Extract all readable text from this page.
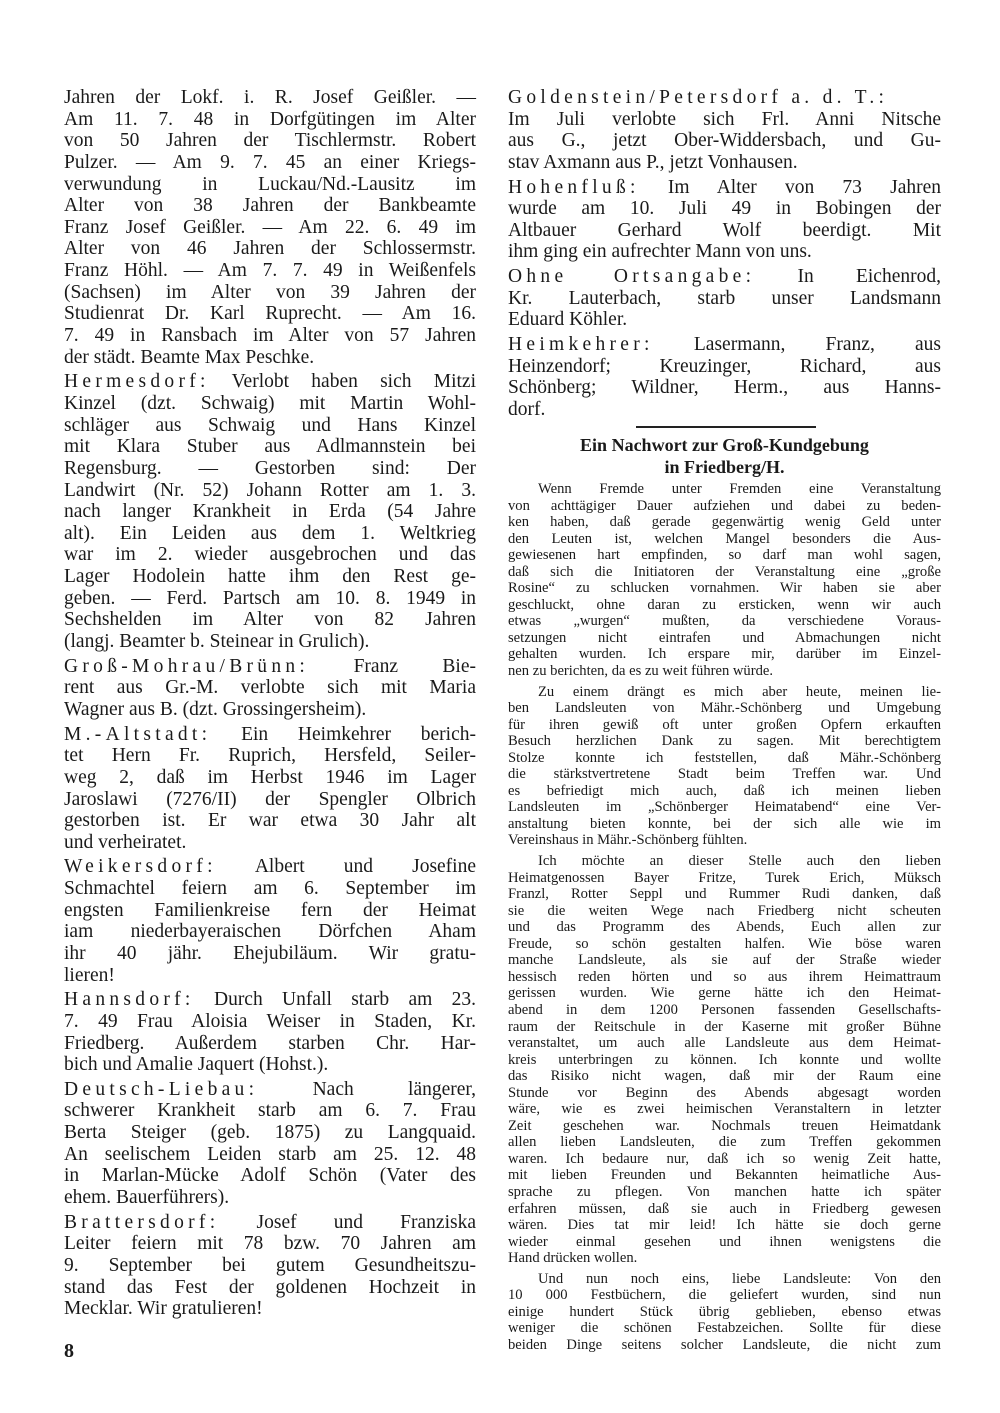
Jahren der Lokf. i. R. Josef Geißler. —
Am 11. 7. 48 in Dorfgütingen im Alter
von 50 Jahren der Tischlermstr. Robert
Pulzer. — Am 9. 7. 45 an einer Kriegs-
verwundung in Luckau/Nd.-Lausitz im
Alter von 38 Jahren der Bankbeamte
Franz Josef Geißler. — Am 22. 6. 49 im
Alter von 46 Jahren der Schlossermstr.
Franz Höhl. — Am 7. 7. 49 in Weißenfels
(Sachsen) im Alter von 39 Jahren der
Studienrat Dr. Karl Ruprecht. — Am 16.
7. 49 in Ransbach im Alter von 57 Jahren
der städt. Beamte Max Peschke.
Hermesdorf: Verlobt haben sich Mitzi
Kinzel (dzt. Schwaig) mit Martin Wohl-
schläger aus Schwaig und Hans Kinzel
mit Klara Stuber aus Adlmannstein bei
Regensburg. — Gestorben sind: Der
Landwirt (Nr. 52) Johann Rotter am 1. 3.
nach langer Krankheit in Erda (54 Jahre
alt). Ein Leiden aus dem 1. Weltkrieg
war im 2. wieder ausgebrochen und das
Lager Hodolein hatte ihm den Rest ge-
geben. — Ferd. Partsch am 10. 8. 1949 in
Sechshelden im Alter von 82 Jahren
(langj. Beamter b. Steinear in Grulich).
Groß-Mohrau/Brünn: Franz Bie-
rent aus Gr.-M. verlobte sich mit Maria
Wagner aus B. (dzt. Grossingersheim).
M.-Altstadt: Ein Heimkehrer berich-
tet Hern Fr. Ruprich, Hersfeld, Seiler-
weg 2, daß im Herbst 1946 im Lager
Jaroslawi (7276/II) der Spengler Olbrich
gestorben ist. Er war etwa 30 Jahr alt
und verheiratet.
Weikersdorf: Albert und Josefine
Schmachtel feiern am 6. September im
engsten Familienkreise fern der Heimat
iam niederbayeraischen Dörfchen Aham
ihr 40 jähr. Ehejubiläum. Wir gratu-
lieren!
Hannsdorf: Durch Unfall starb am 23.
7. 49 Frau Aloisia Weiser in Staden, Kr.
Friedberg. Außerdem starben Chr. Har-
bich und Amalie Jaquert (Hohst.).
Deutsch-Liebau: Nach längerer,
schwerer Krankheit starb am 6. 7. Frau
Berta Steiger (geb. 1875) zu Langquaid.
An seelischem Leiden starb am 25. 12. 48
in Marlan-Mücke Adolf Schön (Vater des
ehem. Bauerführers).
Brattersdorf: Josef und Franziska
Leiter feiern mit 78 bzw. 70 Jahren am
9. September bei gutem Gesundheitszu-
stand das Fest der goldenen Hochzeit in
Mecklar. Wir gratulieren!
Goldenstein/Petersdorf a. d. T.:
Im Juli verlobte sich Frl. Anni Nitsche
aus G., jetzt Ober-Widdersbach, und Gu-
stav Axmann aus P., jetzt Vonhausen.
Hohenfluß: Im Alter von 73 Jahren
wurde am 10. Juli 49 in Bobingen der
Altbauer Gerhard Wolf beerdigt. Mit
ihm ging ein aufrechter Mann von uns.
Ohne Ortsangabe: In Eichenrod,
Kr. Lauterbach, starb unser Landsmann
Eduard Köhler.
Heimkehrer: Lasermann, Franz, aus
Heinzendorf; Kreuzinger, Richard, aus
Schönberg; Wildner, Herm., aus Hanns-
dorf.
Ein Nachwort zur Groß-Kundgebung
in Friedberg/H.
Wenn Fremde unter Fremden eine Veranstaltung
von achttägiger Dauer aufziehen und dabei zu beden-
ken haben, daß gerade gegenwärtig wenig Geld unter
den Leuten ist, welchen Mangel besonders die Aus-
gewiesenen hart empfinden, so darf man wohl sagen,
daß sich die Initiatoren der Veranstaltung eine „große
Rosine“ zu schlucken vornahmen. Wir haben sie aber
geschluckt, ohne daran zu ersticken, wenn wir auch
etwas „wurgen“ mußten, da verschiedene Voraus-
setzungen nicht eintrafen und Abmachungen nicht
gehalten wurden. Ich erspare mir, darüber im Einzel-
nen zu berichten, da es zu weit führen würde.
Zu einem drängt es mich aber heute, meinen lie-
ben Landsleuten von Mähr.-Schönberg und Umgebung
für ihren gewiß oft unter großen Opfern erkauften
Besuch herzlichen Dank zu sagen. Mit berechtigtem
Stolze konnte ich feststellen, daß Mähr.-Schönberg
die stärkstvertretene Stadt beim Treffen war. Und
es befriedigt mich auch, daß ich meinen lieben
Landsleuten im „Schönberger Heimatabend“ eine Ver-
anstaltung bieten konnte, bei der sich alle wie im
Vereinshaus in Mähr.-Schönberg fühlten.
Ich möchte an dieser Stelle auch den lieben
Heimatgenossen Bayer Fritze, Turek Erich, Müksch
Franzl, Rotter Seppl und Rummer Rudi danken, daß
sie die weiten Wege nach Friedberg nicht scheuten
und das Programm des Abends, Euch allen zur
Freude, so schön gestalten halfen. Wie böse waren
manche Landsleute, als sie auf der Straße wieder
hessisch reden hörten und so aus ihrem Heimattraum
gerissen wurden. Wie gerne hätte ich den Heimat-
abend in dem 1200 Personen fassenden Gesellschafts-
raum der Reitschule in der Kaserne mit großer Bühne
veranstaltet, um auch alle Landsleute aus dem Heimat-
kreis unterbringen zu können. Ich konnte und wollte
das Risiko nicht wagen, daß mir der Raum eine
Stunde vor Beginn des Abends abgesagt worden
wäre, wie es zwei heimischen Veranstaltern in letzter
Zeit geschehen war. Nochmals treuen Heimatdank
allen lieben Landsleuten, die zum Treffen gekommen
waren. Ich bedaure nur, daß ich so wenig Zeit hatte,
mit lieben Freunden und Bekannten heimatliche Aus-
sprache zu pflegen. Von manchen hatte ich später
erfahren müssen, daß sie auch in Friedberg gewesen
wären. Dies tat mir leid! Ich hätte sie doch gerne
wieder einmal gesehen und ihnen wenigstens die
Hand drücken wollen.
Und nun noch eins, liebe Landsleute: Von den
10 000 Festbüchern, die geliefert wurden, sind nun
einige hundert Stück übrig geblieben, ebenso etwas
weniger die schönen Festabzeichen. Sollte für diese
beiden Dinge seitens solcher Landsleute, die nicht zum
8
